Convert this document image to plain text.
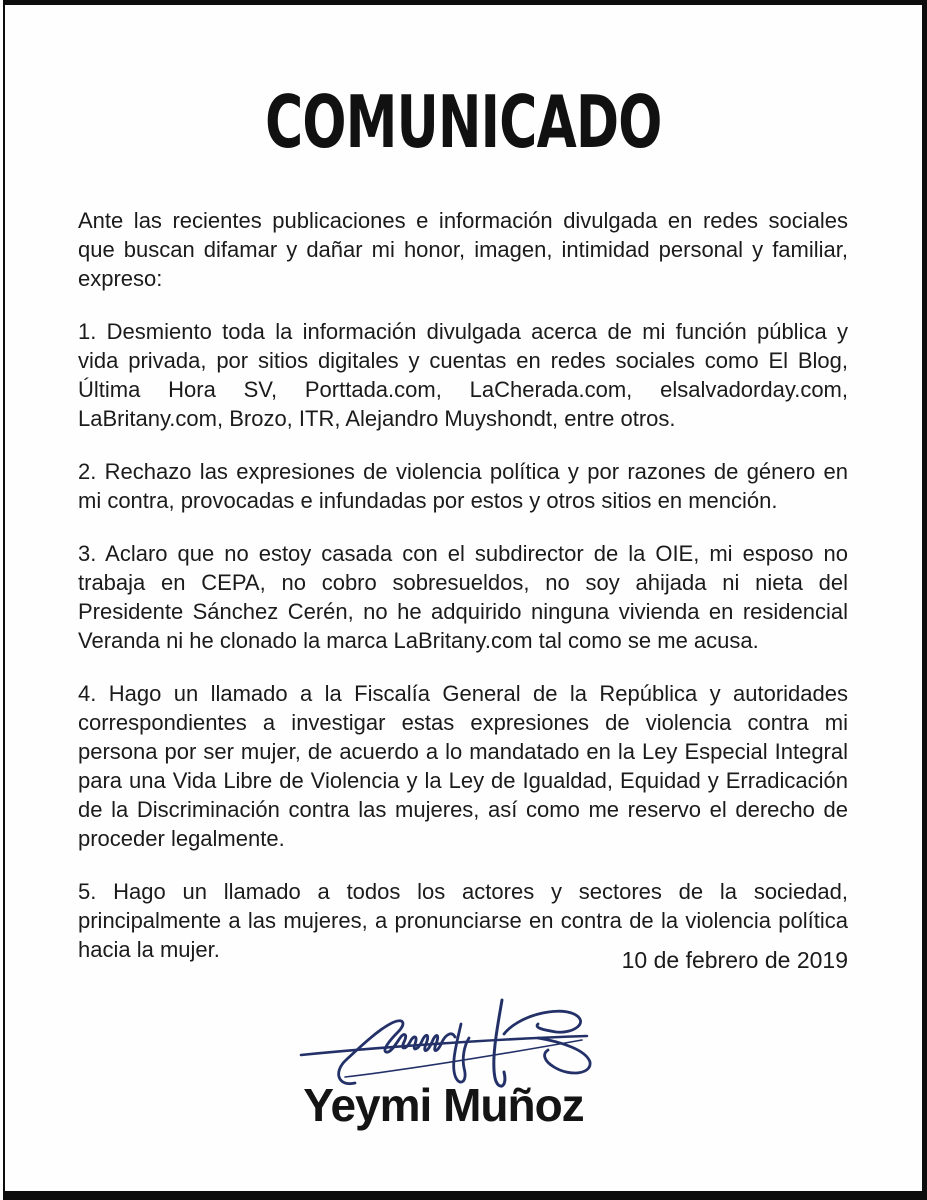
COMUNICADO

Ante las recientes publicaciones e información divulgada en redes sociales que buscan difamar y dañar mi honor, imagen, intimidad personal y familiar, expreso:

1. Desmiento toda la información divulgada acerca de mi función pública y vida privada, por sitios digitales y cuentas en redes sociales como El Blog, Última Hora SV, Porttada.com, LaCherada.com, elsalvadorday.com, LaBritany.com, Brozo, ITR, Alejandro Muyshondt, entre otros.

2. Rechazo las expresiones de violencia política y por razones de género en mi contra, provocadas e infundadas por estos y otros sitios en mención.

3. Aclaro que no estoy casada con el subdirector de la OIE, mi esposo no trabaja en CEPA, no cobro sobresueldos, no soy ahijada ni nieta del Presidente Sánchez Cerén, no he adquirido ninguna vivienda en residencial Veranda ni he clonado la marca LaBritany.com tal como se me acusa.

4. Hago un llamado a la Fiscalía General de la República y autoridades correspondientes a investigar estas expresiones de violencia contra mi persona por ser mujer, de acuerdo a lo mandatado en la Ley Especial Integral para una Vida Libre de Violencia y la Ley de Igualdad, Equidad y Erradicación de la Discriminación contra las mujeres, así como me reservo el derecho de proceder legalmente.

5. Hago un llamado a todos los actores y sectores de la sociedad, principalmente a las mujeres, a pronunciarse en contra de la violencia política hacia la mujer.	10 de febrero de 2019
Yeymi Muñoz
